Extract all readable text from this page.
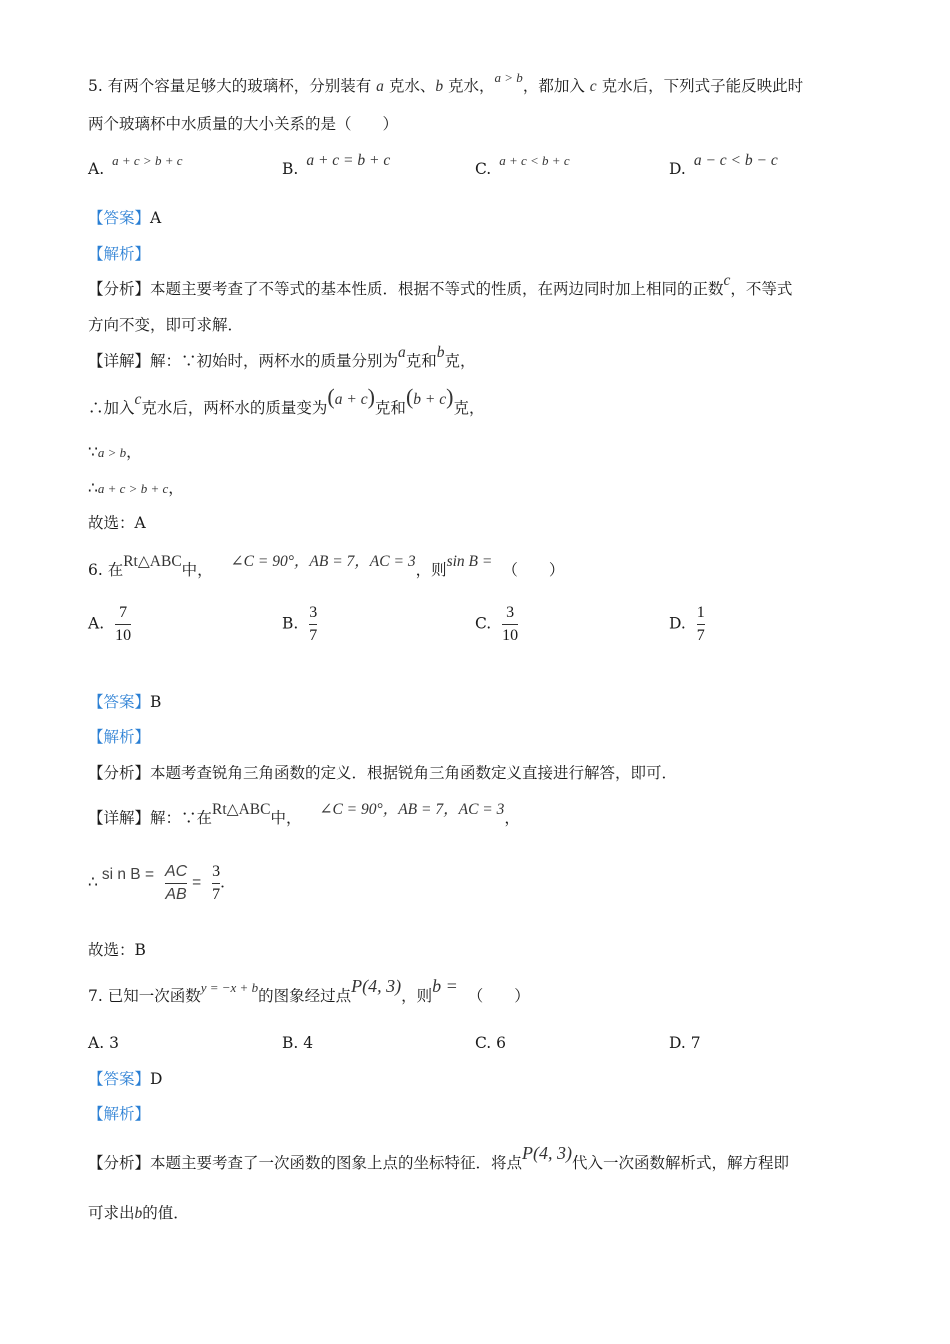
5. 有两个容量足够大的玻璃杯，分别装有 a 克水、b 克水，$^{a > b}$，都加入 c 克水后，下列式子能反映此时
两个玻璃杯中水质量的大小关系的是（　　）
A. $^{a + c > b + c}$	B. a + c = b + c	C. $^{a + c < b + c}$	D. a − c < b − c
【答案】A
【解析】
【分析】本题主要考查了不等式的基本性质．根据不等式的性质，在两边同时加上相同的正数c，不等式
方向不变，即可求解．
【详解】解：∵初始时，两杯水的质量分别为a克和b克，
∴加入c克水后，两杯水的质量变为(a + c)克和(b + c)克，
∵a > b，
∴a + c > b + c，
故选：A
6. 在Rt△ABC中， ∠C = 90°，AB = 7，AC = 3，则sin B = （　　）
A. $\frac{7}{10}$	B. $\frac{3}{7}$	C. $\frac{3}{10}$	D. $\frac{1}{7}$
【答案】B
【解析】
【分析】本题考查锐角三角函数的定义．根据锐角三角函数定义直接进行解答，即可．
【详解】解：∵在Rt△ABC中， ∠C = 90°，AB = 7，AC = 3，
∴ si n $B = \frac{AC}{AB} = \frac{3}{7}$ ．
故选：B
7. 已知一次函数$^{y = -x + b}$的图象经过点P(4, 3)，则b = （　　）
A. 3	B. 4	C. 6	D. 7
【答案】D
【解析】
【分析】本题主要考查了一次函数的图象上点的坐标特征．将点P(4, 3)代入一次函数解析式，解方程即
可求出b的值．
